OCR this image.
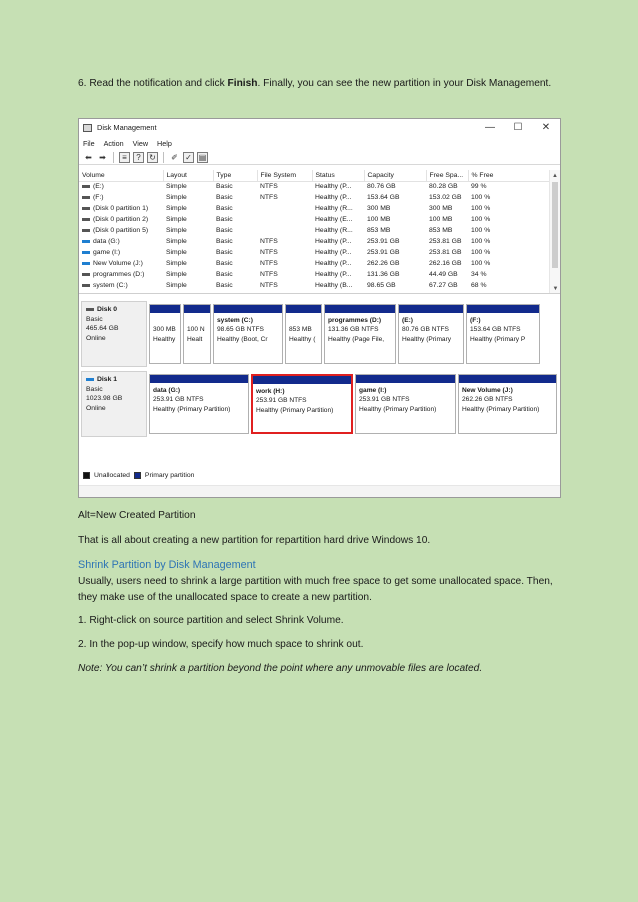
6. Read the notification and click Finish. Finally, you can see the new partition in your Disk Management.

Disk Management	—	☐	✕
File Action View Help
⬅ ➡	≡	?	↻ ✐ ✓ ▤
Volume	Layout	Type	File System	Status	Capacity	Free Spa...	% Free
(E:)	Simple	Basic	NTFS	Healthy (P...	80.76 GB	80.28 GB	99 %
(F:)	Simple	Basic	NTFS	Healthy (P...	153.64 GB	153.02 GB	100 %
(Disk 0 partition 1)	Simple	Basic		Healthy (R...	300 MB	300 MB	100 %
(Disk 0 partition 2)	Simple	Basic		Healthy (E...	100 MB	100 MB	100 %
(Disk 0 partition 5)	Simple	Basic		Healthy (R...	853 MB	853 MB	100 %
data (G:)	Simple	Basic	NTFS	Healthy (P...	253.91 GB	253.81 GB	100 %
game (I:)	Simple	Basic	NTFS	Healthy (P...	253.91 GB	253.81 GB	100 %
New Volume (J:)	Simple	Basic	NTFS	Healthy (P...	262.26 GB	262.16 GB	100 %
programmes (D:)	Simple	Basic	NTFS	Healthy (P...	131.36 GB	44.49 GB	34 %
system (C:)	Simple	Basic	NTFS	Healthy (B...	98.65 GB	67.27 GB	68 %
▲
▼
Disk 0
Basic
465.64 GB
Online
300 MB
Healthy
100 N
Healt
system (C:)
98.65 GB NTFS
Healthy (Boot, Cr
853 MB
Healthy (
programmes (D:)
131.36 GB NTFS
Healthy (Page File,
(E:)
80.76 GB NTFS
Healthy (Primary
(F:)
153.64 GB NTFS
Healthy (Primary P
Disk 1
Basic
1023.98 GB
Online
data (G:)
253.91 GB NTFS
Healthy (Primary Partition)
work (H:)
253.91 GB NTFS
Healthy (Primary Partition)
game (I:)
253.91 GB NTFS
Healthy (Primary Partition)
New Volume (J:)
262.26 GB NTFS
Healthy (Primary Partition)
Unallocated Primary partition

Alt=New Created Partition

That is all about creating a new partition for repartition hard drive Windows 10.

Shrink Partition by Disk Management

Usually, users need to shrink a large partition with much free space to get some unallocated space. Then, they make use of the unallocated space to create a new partition.

1. Right-click on source partition and select Shrink Volume.

2. In the pop-up window, specify how much space to shrink out.

Note: You can’t shrink a partition beyond the point where any unmovable files are located.
